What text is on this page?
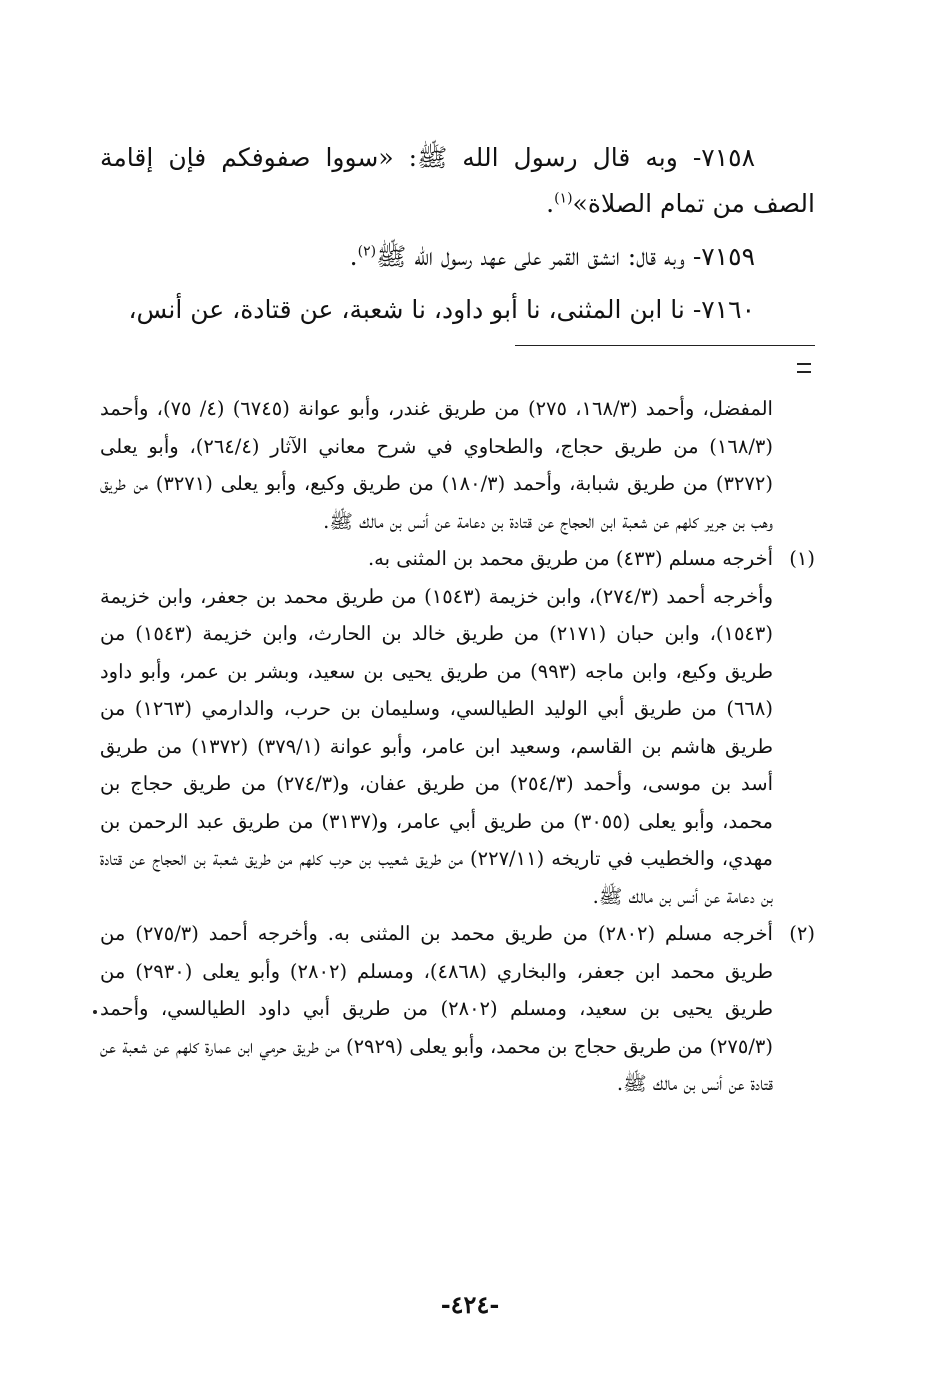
٧١٥٨- وبه قال رسول الله ﷺ: «سووا صفوفكم فإن إقامة الصف من تمام الصلاة»$^{(١)}$.

٧١٥٩- وبه قال: انشق القمر على عهد رسول الله ﷺ$^{(٢)}$.

٧١٦٠- نا ابن المثنى، نا أبو داود، نا شعبة، عن قتادة، عن أنس،

المفضل، وأحمد (١٦٨/٣، ٢٧٥) من طريق غندر، وأبو عوانة (٦٧٤٥) (٤/ ٧٥)، وأحمد (١٦٨/٣) من طريق حجاج، والطحاوي في شرح معاني الآثار (٢٦٤/٤)، وأبو يعلى (٣٢٧٢) من طريق شبابة، وأحمد (١٨٠/٣) من طريق وكيع، وأبو يعلى (٣٢٧١) من طريق وهب بن جرير كلهم عن شعبة ابن الحجاج عن قتادة بن دعامة عن أنس بن مالك ﷺ.

(١)
أخرجه مسلم (٤٣٣) من طريق محمد بن المثنى به.

وأخرجه أحمد (٢٧٤/٣)، وابن خزيمة (١٥٤٣) من طريق محمد بن جعفر، وابن خزيمة (١٥٤٣)، وابن حبان (٢١٧١) من طريق خالد بن الحارث، وابن خزيمة (١٥٤٣) من طريق وكيع، وابن ماجه (٩٩٣) من طريق يحيى بن سعيد، وبشر بن عمر، وأبو داود (٦٦٨) من طريق أبي الوليد الطيالسي، وسليمان بن حرب، والدارمي (١٢٦٣) من طريق هاشم بن القاسم، وسعيد ابن عامر، وأبو عوانة (٣٧٩/١) (١٣٧٢) من طريق أسد بن موسى، وأحمد (٢٥٤/٣) من طريق عفان، و(٢٧٤/٣) من طريق حجاج بن محمد، وأبو يعلى (٣٠٥٥) من طريق أبي عامر، و(٣١٣٧) من طريق عبد الرحمن بن مهدي، والخطيب في تاريخه (٢٢٧/١١) من طريق شعيب بن حرب كلهم من طريق شعبة بن الحجاج عن قتادة بن دعامة عن أنس بن مالك ﷺ.

(٢)
أخرجه مسلم (٢٨٠٢) من طريق محمد بن المثنى به. وأخرجه أحمد (٢٧٥/٣) من طريق محمد ابن جعفر، والبخاري (٤٨٦٨)، ومسلم (٢٨٠٢) وأبو يعلى (٢٩٣٠) من طريق يحيى بن سعيد، ومسلم (٢٨٠٢) من طريق أبي داود الطيالسي، وأحمد (٢٧٥/٣) من طريق حجاج بن محمد، وأبو يعلى (٢٩٢٩) من طريق حرمي ابن عمارة كلهم عن شعبة عن قتادة عن أنس بن مالك ﷺ.

-٤٢٤-
